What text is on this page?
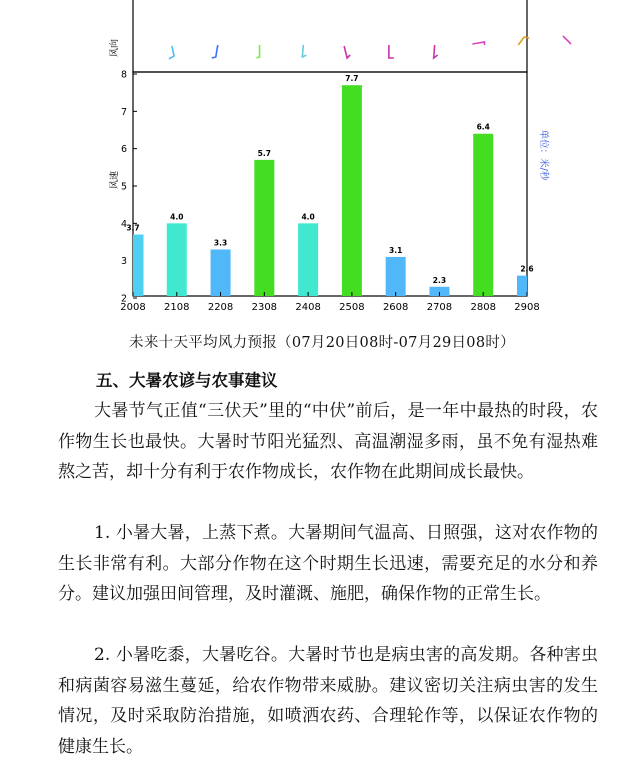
风向
2
3
4
5
6
7
8
风速
3.7
4.0
3.3
5.7
4.0
7.7
3.1
2.3
6.4
2.6
2008 2108 2208 2308 2408 2508 2608 2708 2808 2908
单位：米/秒
未来十天平均风力预报（07月20日08时-07月29日08时）
五、大暑农谚与农事建议

大暑节气正值“三伏天”里的“中伏”前后，是一年中最热的时段，农作物生长也最快。大暑时节阳光猛烈、高温潮湿多雨，虽不免有湿热难熬之苦，却十分有利于农作物成长，农作物在此期间成长最快。

1. 小暑大暑，上蒸下煮。大暑期间气温高、日照强，这对农作物的生长非常有利。大部分作物在这个时期生长迅速，需要充足的水分和养分。建议加强田间管理，及时灌溉、施肥，确保作物的正常生长。

2. 小暑吃黍，大暑吃谷。大暑时节也是病虫害的高发期。各种害虫和病菌容易滋生蔓延，给农作物带来威胁。建议密切关注病虫害的发生情况，及时采取防治措施，如喷洒农药、合理轮作等，以保证农作物的健康生长。
